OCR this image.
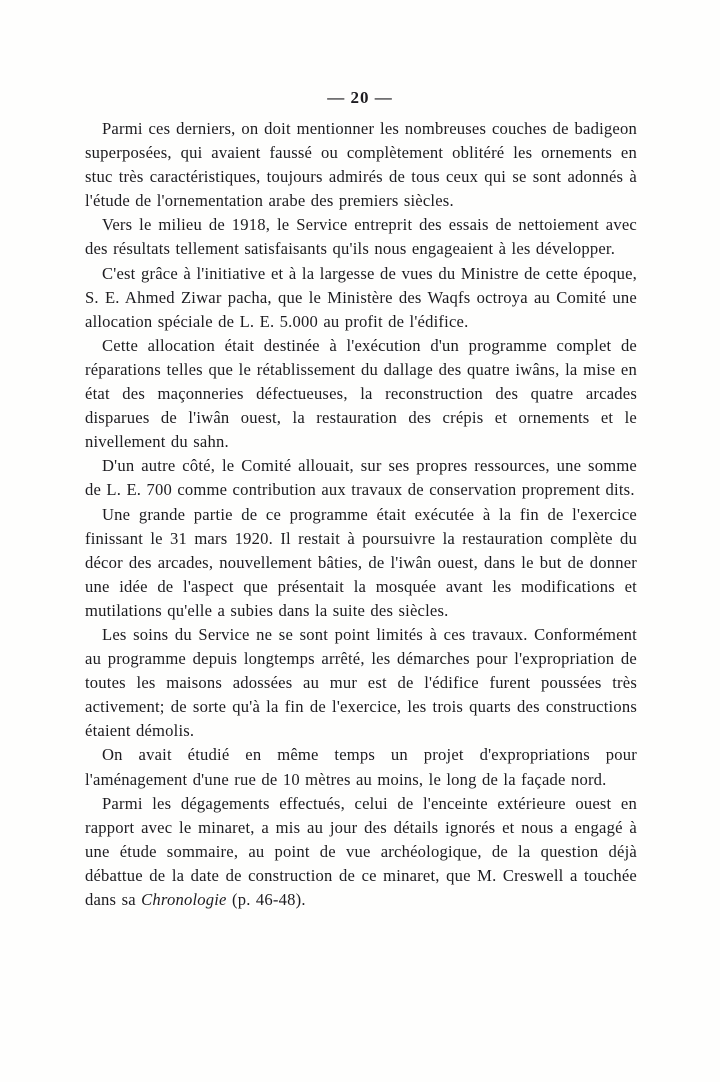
— 20 —

Parmi ces derniers, on doit mentionner les nombreuses couches de badigeon superposées, qui avaient faussé ou complètement oblitéré les ornements en stuc très caractéristiques, toujours admirés de tous ceux qui se sont adonnés à l'étude de l'ornementation arabe des premiers siècles.

Vers le milieu de 1918, le Service entreprit des essais de nettoiement avec des résultats tellement satisfaisants qu'ils nous engageaient à les développer.

C'est grâce à l'initiative et à la largesse de vues du Ministre de cette époque, S. E. Ahmed Ziwar pacha, que le Ministère des Waqfs octroya au Comité une allocation spéciale de L. E. 5.000 au profit de l'édifice.

Cette allocation était destinée à l'exécution d'un programme complet de réparations telles que le rétablissement du dallage des quatre iwâns, la mise en état des maçonneries défectueuses, la reconstruction des quatre arcades disparues de l'iwân ouest, la restauration des crépis et ornements et le nivellement du sahn.

D'un autre côté, le Comité allouait, sur ses propres ressources, une somme de L. E. 700 comme contribution aux travaux de conservation proprement dits.

Une grande partie de ce programme était exécutée à la fin de l'exercice finissant le 31 mars 1920. Il restait à poursuivre la restauration complète du décor des arcades, nouvellement bâties, de l'iwân ouest, dans le but de donner une idée de l'aspect que présentait la mosquée avant les modifications et mutilations qu'elle a subies dans la suite des siècles.

Les soins du Service ne se sont point limités à ces travaux. Conformément au programme depuis longtemps arrêté, les démarches pour l'expropriation de toutes les maisons adossées au mur est de l'édifice furent poussées très activement; de sorte qu'à la fin de l'exercice, les trois quarts des constructions étaient démolis.

On avait étudié en même temps un projet d'expropriations pour l'aménagement d'une rue de 10 mètres au moins, le long de la façade nord.

Parmi les dégagements effectués, celui de l'enceinte extérieure ouest en rapport avec le minaret, a mis au jour des détails ignorés et nous a engagé à une étude sommaire, au point de vue archéologique, de la question déjà débattue de la date de construction de ce minaret, que M. Creswell a touchée dans sa Chronologie (p. 46-48).
